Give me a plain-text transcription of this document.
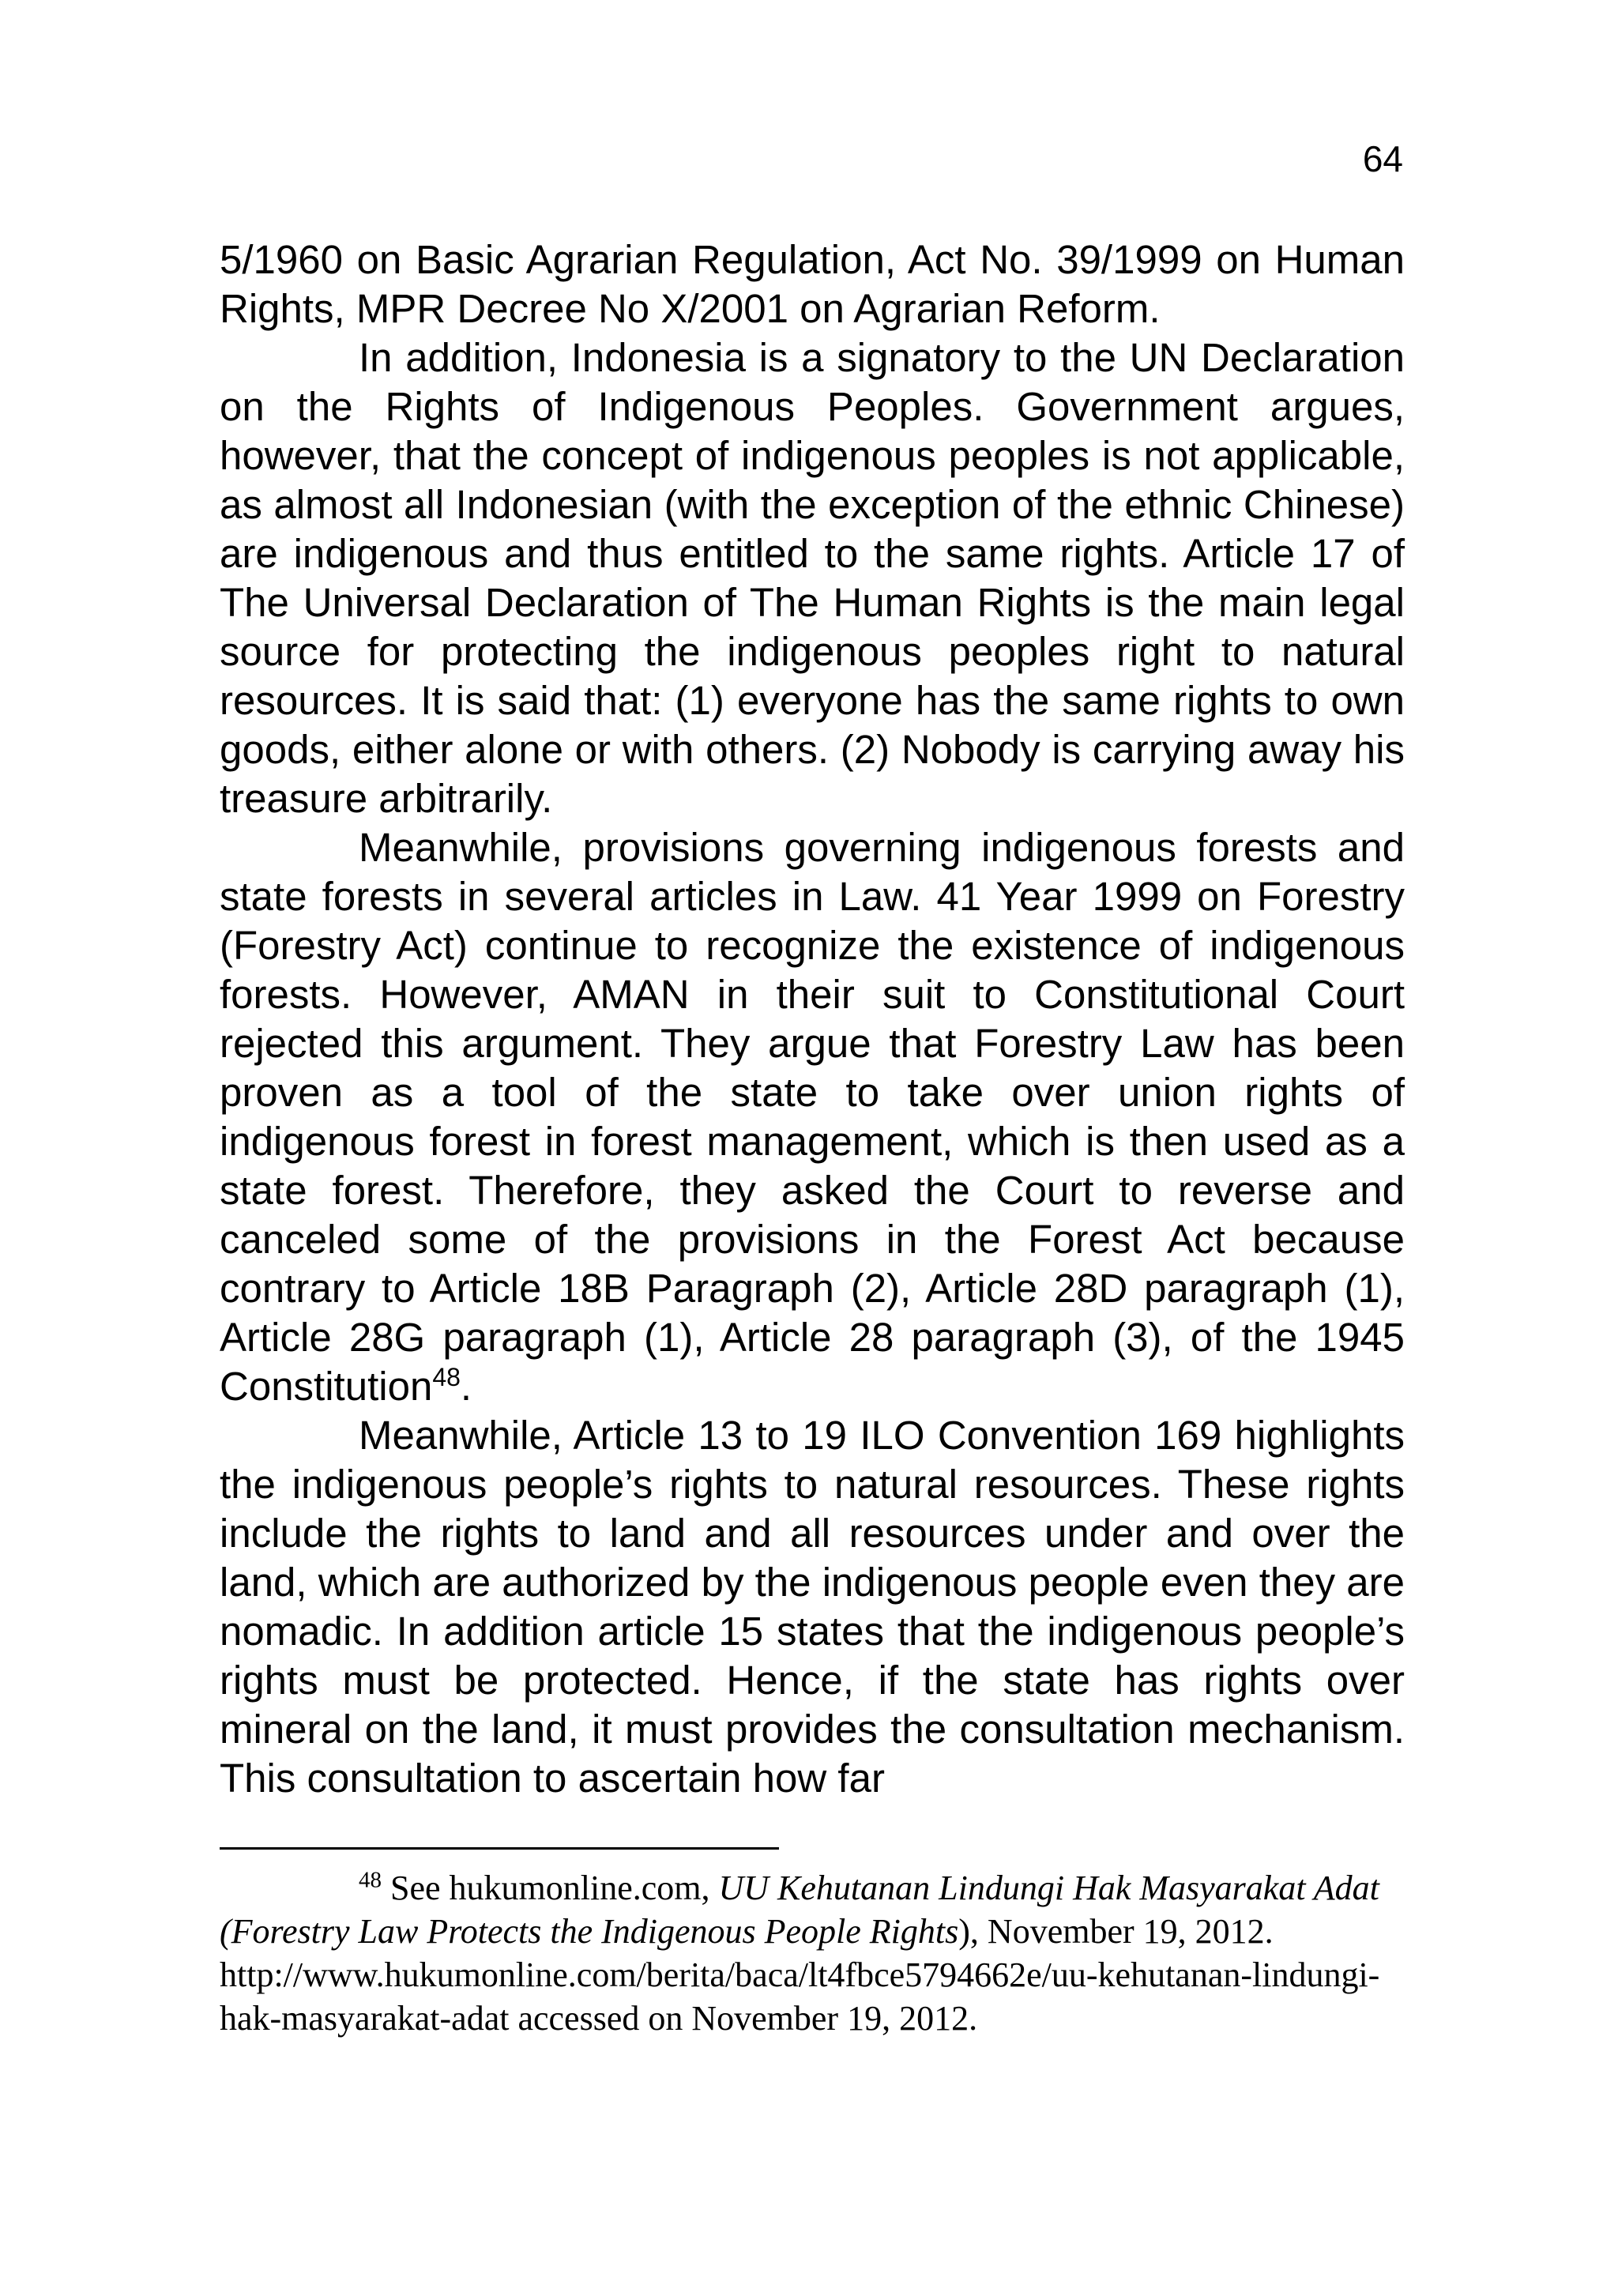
64

5/1960 on Basic Agrarian Regulation, Act No. 39/1999 on Human Rights, MPR Decree No X/2001 on Agrarian Reform.

In addition, Indonesia is a signatory to the UN Declaration on the Rights of Indigenous Peoples. Government argues, however, that the concept of indigenous peoples is not applicable, as almost all Indonesian (with the exception of the ethnic Chinese) are indigenous and thus entitled to the same rights. Article 17 of The Universal Declaration of The Human Rights is the main legal source for protecting the indigenous peoples right to natural resources. It is said that: (1) everyone has the same rights to own goods, either alone or with others. (2) Nobody is carrying away his treasure arbitrarily.

Meanwhile, provisions governing indigenous forests and state forests in several articles in Law. 41 Year 1999 on Forestry (Forestry Act) continue to recognize the existence of indigenous forests. However, AMAN in their suit to Constitutional Court rejected this argument. They argue that Forestry Law has been proven as a tool of the state to take over union rights of indigenous forest in forest management, which is then used as a state forest. Therefore, they asked the Court to reverse and canceled some of the provisions in the Forest Act because contrary to Article 18B Paragraph (2), Article 28D paragraph (1), Article 28G paragraph (1), Article 28 paragraph (3), of the 1945 Constitution$^{48}$.

Meanwhile, Article 13 to 19 ILO Convention 169 highlights the indigenous people’s rights to natural resources. These rights include the rights to land and all resources under and over the land, which are authorized by the indigenous people even they are nomadic. In addition article 15 states that the indigenous people’s rights must be protected. Hence, if the state has rights over mineral on the land, it must provides the consultation mechanism. This consultation to ascertain how far

$^{48}$ See hukumonline.com, UU Kehutanan Lindungi Hak Masyarakat Adat (Forestry Law Protects the Indigenous People Rights), November 19, 2012.
http://www.hukumonline.com/berita/baca/lt4fbce5794662e/uu-kehutanan-lindungi-hak-masyarakat-adat accessed on November 19, 2012.
